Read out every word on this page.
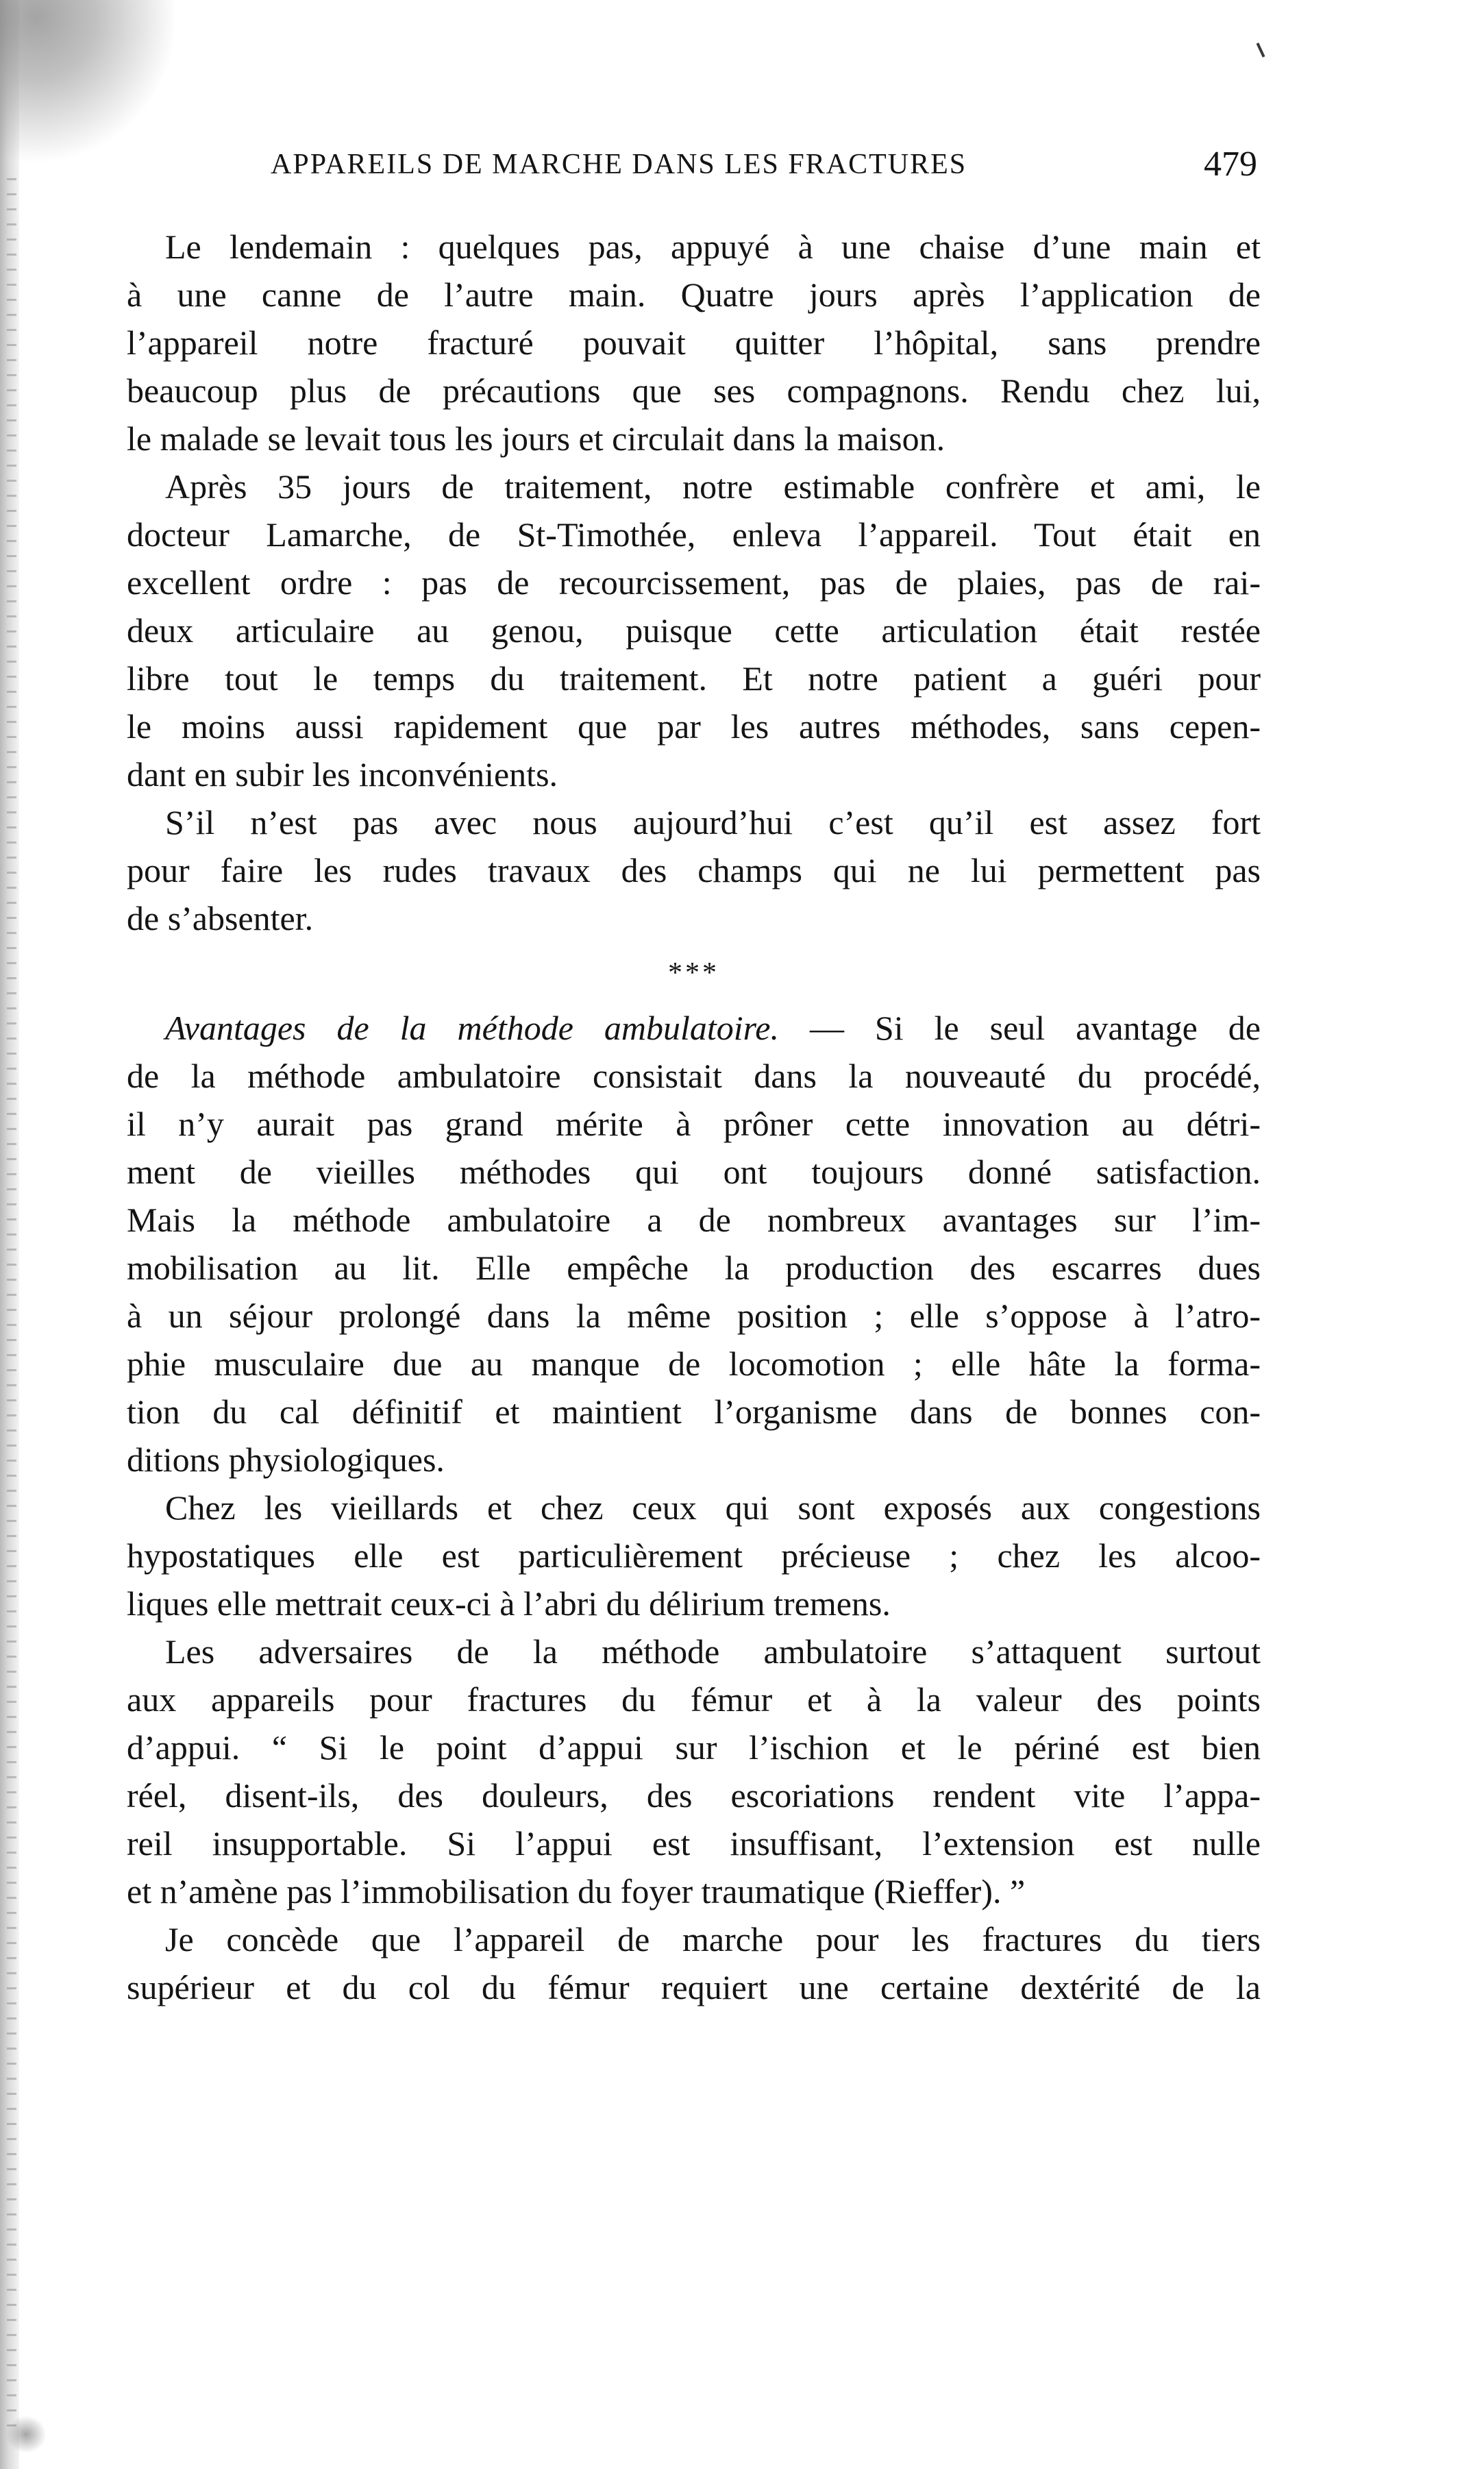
APPAREILS DE MARCHE DANS LES FRACTURES	479
Le lendemain : quelques pas, appuyé à une chaise d’une main et
à une canne de l’autre main. Quatre jours après l’application de
l’appareil notre fracturé pouvait quitter l’hôpital, sans prendre
beaucoup plus de précautions que ses compagnons. Rendu chez lui,
le malade se levait tous les jours et circulait dans la maison.
Après 35 jours de traitement, notre estimable confrère et ami, le
docteur Lamarche, de St-Timothée, enleva l’appareil. Tout était en
excellent ordre : pas de recourcissement, pas de plaies, pas de rai-
deux articulaire au genou, puisque cette articulation était restée
libre tout le temps du traitement. Et notre patient a guéri pour
le moins aussi rapidement que par les autres méthodes, sans cepen-
dant en subir les inconvénients.
S’il n’est pas avec nous aujourd’hui c’est qu’il est assez fort
pour faire les rudes travaux des champs qui ne lui permettent pas
de s’absenter.
***
Avantages de la méthode ambulatoire. — Si le seul avantage de
de la méthode ambulatoire consistait dans la nouveauté du procédé,
il n’y aurait pas grand mérite à prôner cette innovation au détri-
ment de vieilles méthodes qui ont toujours donné satisfaction.
Mais la méthode ambulatoire a de nombreux avantages sur l’im-
mobilisation au lit. Elle empêche la production des escarres dues
à un séjour prolongé dans la même position ; elle s’oppose à l’atro-
phie musculaire due au manque de locomotion ; elle hâte la forma-
tion du cal définitif et maintient l’organisme dans de bonnes con-
ditions physiologiques.
Chez les vieillards et chez ceux qui sont exposés aux congestions
hypostatiques elle est particulièrement précieuse ; chez les alcoo-
liques elle mettrait ceux-ci à l’abri du délirium tremens.
Les adversaires de la méthode ambulatoire s’attaquent surtout
aux appareils pour fractures du fémur et à la valeur des points
d’appui. “ Si le point d’appui sur l’ischion et le périné est bien
réel, disent-ils, des douleurs, des escoriations rendent vite l’appa-
reil insupportable. Si l’appui est insuffisant, l’extension est nulle
et n’amène pas l’immobilisation du foyer traumatique (Rieffer). ”
Je concède que l’appareil de marche pour les fractures du tiers
supérieur et du col du fémur requiert une certaine dextérité de la
